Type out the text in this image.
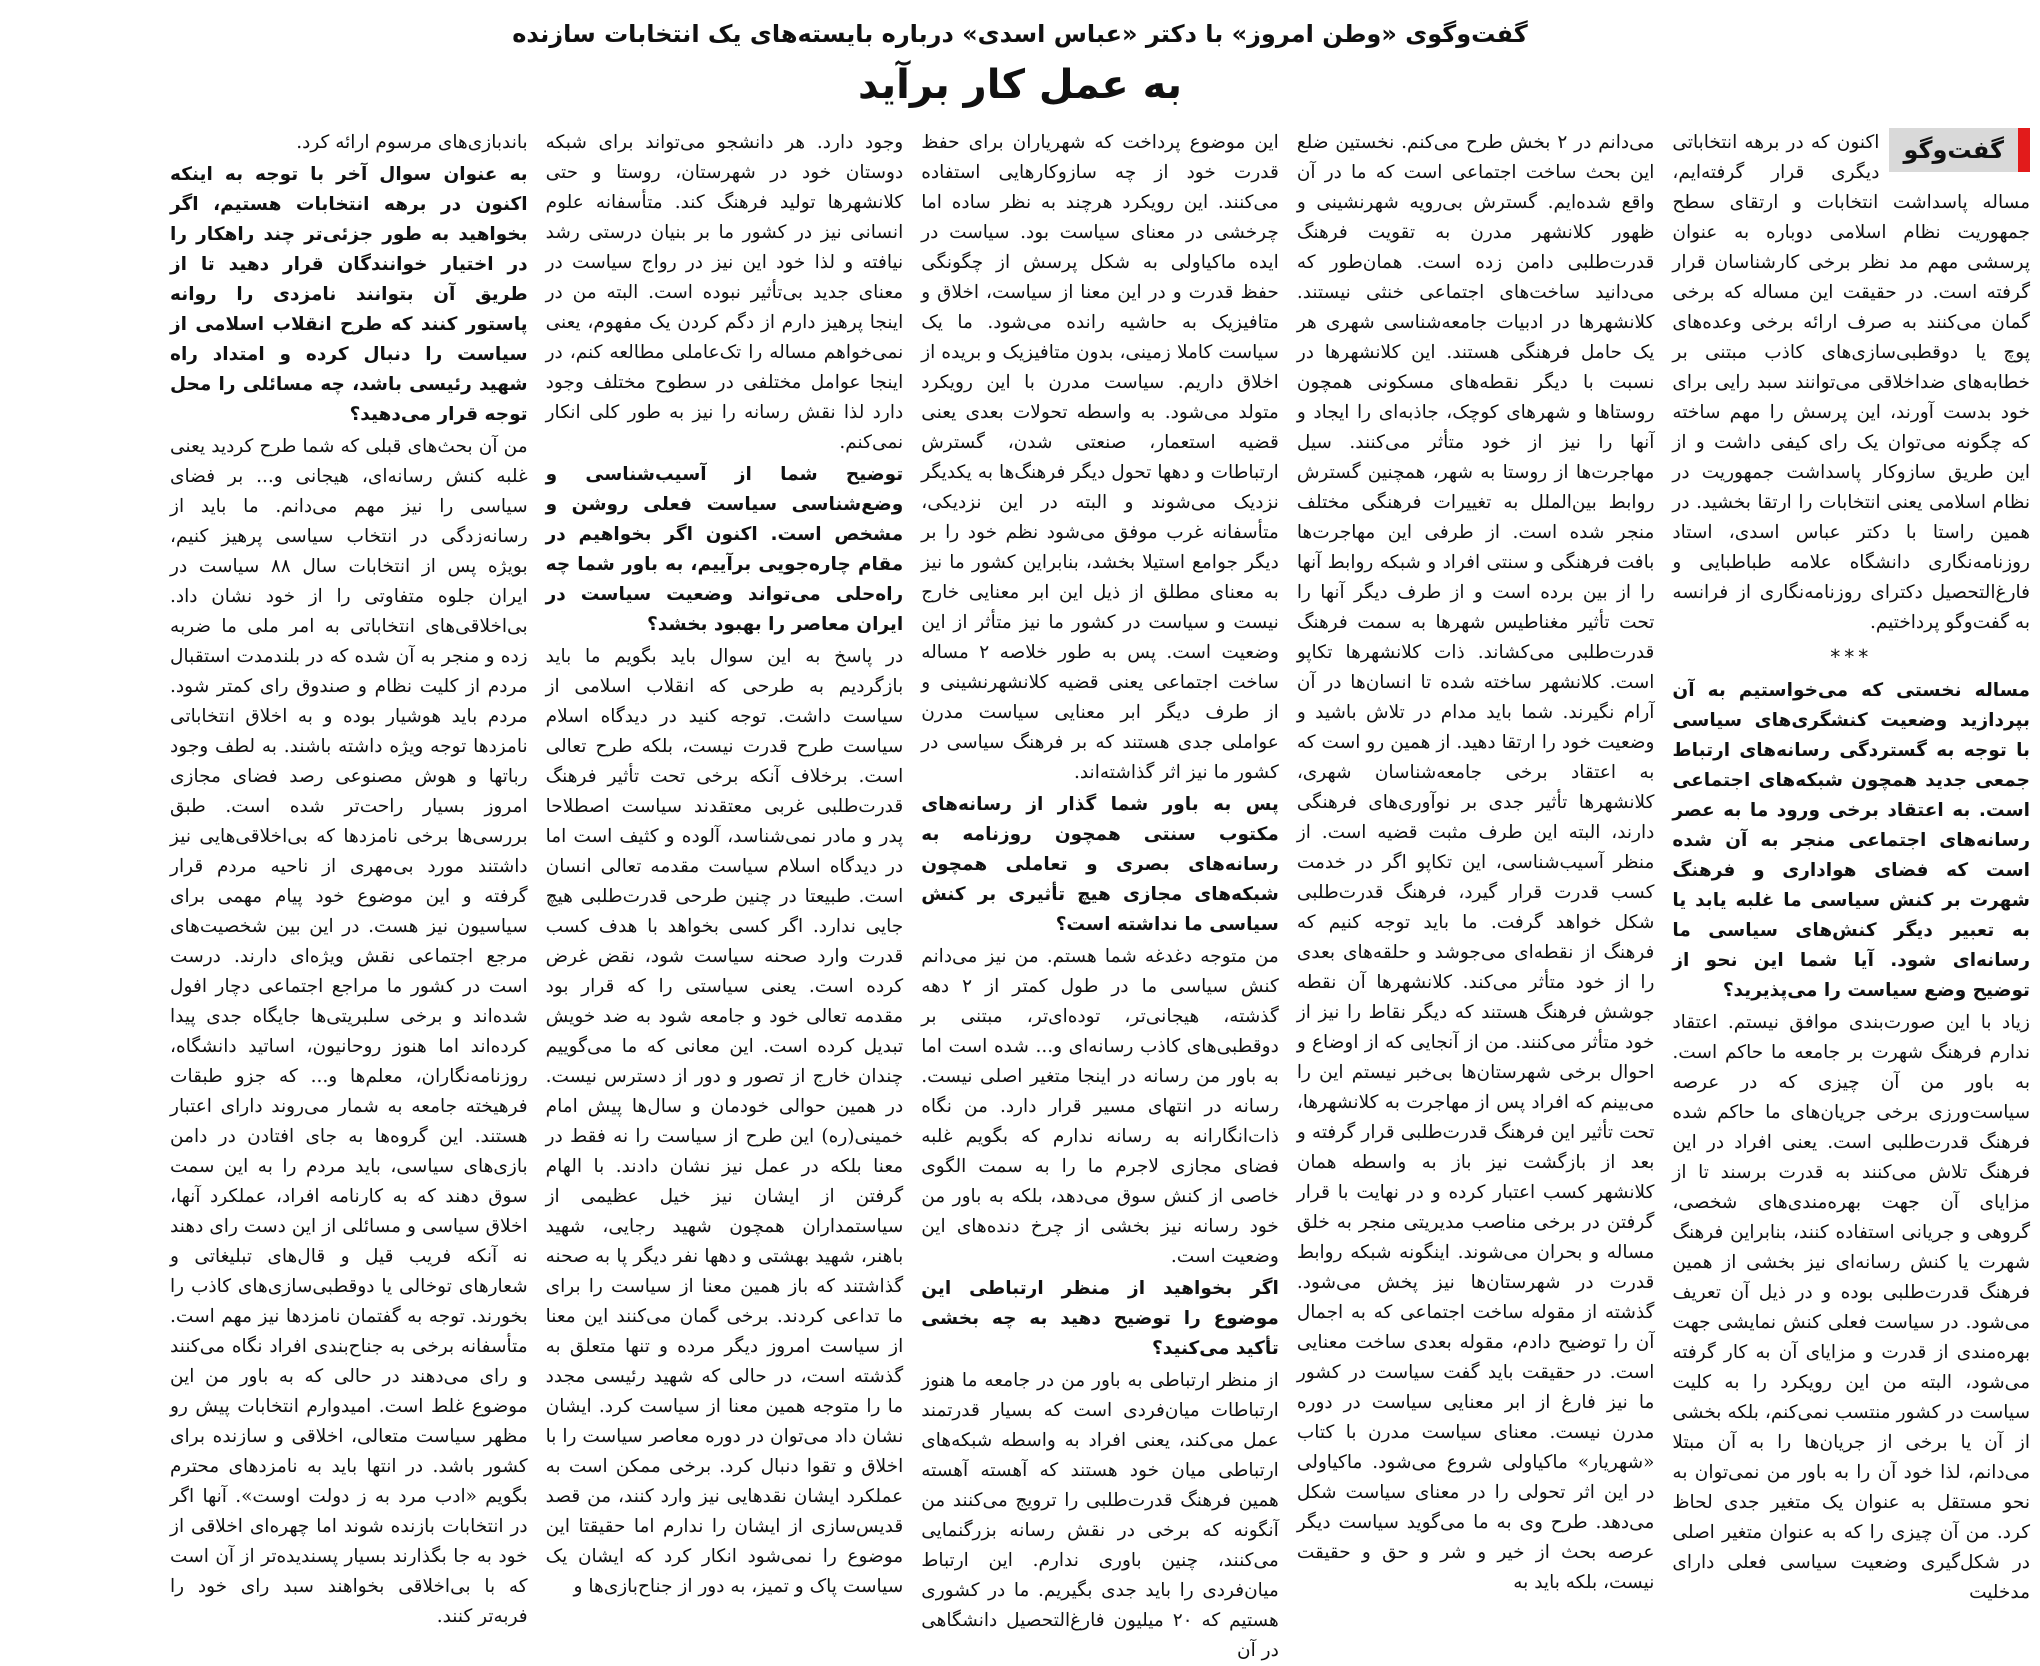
گفت‌وگوی «وطن امروز» با دکتر «عباس اسدی» درباره بایسته‌های یک انتخابات سازنده
به عمل کار برآید
گفت‌وگو

اکنون که در برهه انتخاباتی دیگری قرار گرفته‌ایم، مساله پاسداشت انتخابات و ارتقای سطح جمهوریت نظام اسلامی دوباره به عنوان پرسشی مهم مد نظر برخی کارشناسان قرار گرفته است. در حقیقت این مساله که برخی گمان می‌کنند به صرف ارائه برخی وعده‌های پوچ یا دوقطبی‌سازی‌های کاذب مبتنی بر خطابه‌های ضداخلاقی می‌توانند سبد رایی برای خود بدست آورند، این پرسش را مهم ساخته که چگونه می‌توان یک رای کیفی داشت و از این طریق سازوکار پاسداشت جمهوریت در نظام اسلامی یعنی انتخابات را ارتقا بخشید. در همین راستا با دکتر عباس اسدی، استاد روزنامه‌نگاری دانشگاه علامه طباطبایی و فارغ‌التحصیل دکترای روزنامه‌نگاری از فرانسه به گفت‌وگو پرداختیم.

***

مساله نخستی که می‌خواستیم به آن بپردازید وضعیت کنشگری‌های سیاسی با توجه به گستردگی رسانه‌های ارتباط جمعی جدید همچون شبکه‌های اجتماعی است. به اعتقاد برخی ورود ما به عصر رسانه‌های اجتماعی منجر به آن شده است که فضای هواداری و فرهنگ شهرت بر کنش سیاسی ما غلبه یابد یا به تعبیر دیگر کنش‌های سیاسی ما رسانه‌ای شود. آیا شما این نحو از توضیح وضع سیاست را می‌پذیرید؟

زیاد با این صورت‌بندی موافق نیستم. اعتقاد ندارم فرهنگ شهرت بر جامعه ما حاکم است. به باور من آن چیزی که در عرصه سیاست‌ورزی برخی جریان‌های ما حاکم شده فرهنگ قدرت‌طلبی است. یعنی افراد در این فرهنگ تلاش می‌کنند به قدرت برسند تا از مزایای آن جهت بهره‌مندی‌های شخصی، گروهی و جریانی استفاده کنند، بنابراین فرهنگ شهرت یا کنش رسانه‌ای نیز بخشی از همین فرهنگ قدرت‌طلبی بوده و در ذیل آن تعریف می‌شود. در سیاست فعلی کنش نمایشی جهت بهره‌مندی از قدرت و مزایای آن به کار گرفته می‌شود، البته من این رویکرد را به کلیت سیاست در کشور منتسب نمی‌کنم، بلکه بخشی از آن یا برخی از جریان‌ها را به آن مبتلا می‌دانم، لذا خود آن را به باور من نمی‌توان به نحو مستقل به عنوان یک متغیر جدی لحاظ کرد. من آن چیزی را که به عنوان متغیر اصلی در شکل‌گیری وضعیت سیاسی فعلی دارای مدخلیت

می‌دانم در ۲ بخش طرح می‌کنم. نخستین ضلع این بحث ساخت اجتماعی است که ما در آن واقع شده‌ایم. گسترش بی‌رویه شهرنشینی و ظهور کلانشهر مدرن به تقویت فرهنگ قدرت‌طلبی دامن زده است. همان‌طور که می‌دانید ساخت‌های اجتماعی خنثی نیستند. کلانشهرها در ادبیات جامعه‌شناسی شهری هر یک حامل فرهنگی هستند. این کلانشهرها در نسبت با دیگر نقطه‌های مسکونی همچون روستاها و شهرهای کوچک، جاذبه‌ای را ایجاد و آنها را نیز از خود متأثر می‌کنند. سیل مهاجرت‌ها از روستا به شهر، همچنین گسترش روابط بین‌الملل به تغییرات فرهنگی مختلف منجر شده است. از طرفی این مهاجرت‌ها بافت فرهنگی و سنتی افراد و شبکه روابط آنها را از بین برده است و از طرف دیگر آنها را تحت تأثیر مغناطیس شهرها به سمت فرهنگ قدرت‌طلبی می‌کشاند. ذات کلانشهرها تکاپو است. کلانشهر ساخته شده تا انسان‌ها در آن آرام نگیرند. شما باید مدام در تلاش باشید و وضعیت خود را ارتقا دهید. از همین رو است که به اعتقاد برخی جامعه‌شناسان شهری، کلانشهرها تأثیر جدی بر نوآوری‌های فرهنگی دارند، البته این طرف مثبت قضیه است. از منظر آسیب‌شناسی، این تکاپو اگر در خدمت کسب قدرت قرار گیرد، فرهنگ قدرت‌طلبی شکل خواهد گرفت. ما باید توجه کنیم که فرهنگ از نقطه‌ای می‌جوشد و حلقه‌های بعدی را از خود متأثر می‌کند. کلانشهرها آن نقطه جوشش فرهنگ هستند که دیگر نقاط را نیز از خود متأثر می‌کنند. من از آنجایی که از اوضاع و احوال برخی شهرستان‌ها بی‌خبر نیستم این را می‌بینم که افراد پس از مهاجرت به کلانشهرها، تحت تأثیر این فرهنگ قدرت‌طلبی قرار گرفته و بعد از بازگشت نیز باز به واسطه همان کلانشهر کسب اعتبار کرده و در نهایت با قرار گرفتن در برخی مناصب مدیریتی منجر به خلق مساله و بحران می‌شوند. اینگونه شبکه روابط قدرت در شهرستان‌ها نیز پخش می‌شود. گذشته از مقوله ساخت اجتماعی که به اجمال آن را توضیح دادم، مقوله بعدی ساخت معنایی است. در حقیقت باید گفت سیاست در کشور ما نیز فارغ از ابر معنایی سیاست در دوره مدرن نیست. معنای سیاست مدرن با کتاب «شهریار» ماکیاولی شروع می‌شود. ماکیاولی در این اثر تحولی را در معنای سیاست شکل می‌دهد. طرح وی به ما می‌گوید سیاست دیگر عرصه بحث از خیر و شر و حق و حقیقت نیست، بلکه باید به

این موضوع پرداخت که شهریاران برای حفظ قدرت خود از چه سازوکارهایی استفاده می‌کنند. این رویکرد هرچند به نظر ساده اما چرخشی در معنای سیاست بود. سیاست در ایده ماکیاولی به شکل پرسش از چگونگی حفظ قدرت و در این معنا از سیاست، اخلاق و متافیزیک به حاشیه رانده می‌شود. ما یک سیاست کاملا زمینی، بدون متافیزیک و بریده از اخلاق داریم. سیاست مدرن با این رویکرد متولد می‌شود. به واسطه تحولات بعدی یعنی قضیه استعمار، صنعتی شدن، گسترش ارتباطات و دهها تحول دیگر فرهنگ‌ها به یکدیگر نزدیک می‌شوند و البته در این نزدیکی، متأسفانه غرب موفق می‌شود نظم خود را بر دیگر جوامع استیلا بخشد، بنابراین کشور ما نیز به معنای مطلق از ذیل این ابر معنایی خارج نیست و سیاست در کشور ما نیز متأثر از این وضعیت است. پس به طور خلاصه ۲ مساله ساخت اجتماعی یعنی قضیه کلانشهرنشینی و از طرف دیگر ابر معنایی سیاست مدرن عواملی جدی هستند که بر فرهنگ سیاسی در کشور ما نیز اثر گذاشته‌اند.

پس به باور شما گذار از رسانه‌های مکتوب سنتی همچون روزنامه به رسانه‌های بصری و تعاملی همچون شبکه‌های مجازی هیچ تأثیری بر کنش سیاسی ما نداشته است؟

من متوجه دغدغه شما هستم. من نیز می‌دانم کنش سیاسی ما در طول کمتر از ۲ دهه گذشته، هیجانی‌تر، توده‌ای‌تر، مبتنی بر دوقطبی‌های کاذب رسانه‌ای و... شده است اما به باور من رسانه در اینجا متغیر اصلی نیست. رسانه در انتهای مسیر قرار دارد. من نگاه ذات‌انگارانه به رسانه ندارم که بگویم غلبه فضای مجازی لاجرم ما را به سمت الگوی خاصی از کنش سوق می‌دهد، بلکه به باور من خود رسانه نیز بخشی از چرخ دنده‌های این وضعیت است.

اگر بخواهید از منظر ارتباطی این موضوع را توضیح دهید به چه بخشی تأکید می‌کنید؟

از منظر ارتباطی به باور من در جامعه ما هنوز ارتباطات میان‌فردی است که بسیار قدرتمند عمل می‌کند، یعنی افراد به واسطه شبکه‌های ارتباطی میان خود هستند که آهسته آهسته همین فرهنگ قدرت‌طلبی را ترویج می‌کنند من آنگونه که برخی در نقش رسانه بزرگنمایی می‌کنند، چنین باوری ندارم. این ارتباط میان‌فردی را باید جدی بگیریم. ما در کشوری هستیم که ۲۰ میلیون فارغ‌التحصیل دانشگاهی در آن

وجود دارد. هر دانشجو می‌تواند برای شبکه دوستان خود در شهرستان، روستا و حتی کلانشهرها تولید فرهنگ کند. متأسفانه علوم انسانی نیز در کشور ما بر بنیان درستی رشد نیافته و لذا خود این نیز در رواج سیاست در معنای جدید بی‌تأثیر نبوده است. البته من در اینجا پرهیز دارم از دگم کردن یک مفهوم، یعنی نمی‌خواهم مساله را تک‌عاملی مطالعه کنم، در اینجا عوامل مختلفی در سطوح مختلف وجود دارد لذا نقش رسانه را نیز به طور کلی انکار نمی‌کنم.

توضیح شما از آسیب‌شناسی و وضع‌شناسی سیاست فعلی روشن و مشخص است. اکنون اگر بخواهیم در مقام چاره‌جویی برآییم، به باور شما چه راه‌حلی می‌تواند وضعیت سیاست در ایران معاصر را بهبود بخشد؟

در پاسخ به این سوال باید بگویم ما باید بازگردیم به طرحی که انقلاب اسلامی از سیاست داشت. توجه کنید در دیدگاه اسلام سیاست طرح قدرت نیست، بلکه طرح تعالی است. برخلاف آنکه برخی تحت تأثیر فرهنگ قدرت‌طلبی غربی معتقدند سیاست اصطلاحا پدر و مادر نمی‌شناسد، آلوده و کثیف است اما در دیدگاه اسلام سیاست مقدمه تعالی انسان است. طبیعتا در چنین طرحی قدرت‌طلبی هیچ جایی ندارد. اگر کسی بخواهد با هدف کسب قدرت وارد صحنه سیاست شود، نقض غرض کرده است. یعنی سیاستی را که قرار بود مقدمه تعالی خود و جامعه شود به ضد خویش تبدیل کرده است. این معانی که ما می‌گوییم چندان خارج از تصور و دور از دسترس نیست. در همین حوالی خودمان و سال‌ها پیش امام خمینی(ره) این طرح از سیاست را نه فقط در معنا بلکه در عمل نیز نشان دادند. با الهام گرفتن از ایشان نیز خیل عظیمی از سیاستمداران همچون شهید رجایی، شهید باهنر، شهید بهشتی و دهها نفر دیگر پا به صحنه گذاشتند که باز همین معنا از سیاست را برای ما تداعی کردند. برخی گمان می‌کنند این معنا از سیاست امروز دیگر مرده و تنها متعلق به گذشته است، در حالی که شهید رئیسی مجدد ما را متوجه همین معنا از سیاست کرد. ایشان نشان داد می‌توان در دوره معاصر سیاست را با اخلاق و تقوا دنبال کرد. برخی ممکن است به عملکرد ایشان نقدهایی نیز وارد کنند، من قصد قدیس‌سازی از ایشان را ندارم اما حقیقتا این موضوع را نمی‌شود انکار کرد که ایشان یک سیاست پاک و تمیز، به دور از جناح‌بازی‌ها و

باندبازی‌های مرسوم ارائه کرد.

به عنوان سوال آخر با توجه به اینکه اکنون در برهه انتخابات هستیم، اگر بخواهید به طور جزئی‌تر چند راهکار را در اختیار خوانندگان قرار دهید تا از طریق آن بتوانند نامزدی را روانه پاستور کنند که طرح انقلاب اسلامی از سیاست را دنبال کرده و امتداد راه شهید رئیسی باشد، چه مسائلی را محل توجه قرار می‌دهید؟

من آن بحث‌های قبلی که شما طرح کردید یعنی غلبه کنش رسانه‌ای، هیجانی و... بر فضای سیاسی را نیز مهم می‌دانم. ما باید از رسانه‌زدگی در انتخاب سیاسی پرهیز کنیم، بویژه پس از انتخابات سال ۸۸ سیاست در ایران جلوه متفاوتی را از خود نشان داد. بی‌اخلاقی‌های انتخاباتی به امر ملی ما ضربه زده و منجر به آن شده که در بلندمدت استقبال مردم از کلیت نظام و صندوق رای کمتر شود. مردم باید هوشیار بوده و به اخلاق انتخاباتی نامزدها توجه ویژه داشته باشند. به لطف وجود رباتها و هوش مصنوعی رصد فضای مجازی امروز بسیار راحت‌تر شده است. طبق بررسی‌ها برخی نامزدها که بی‌اخلاقی‌هایی نیز داشتند مورد بی‌مهری از ناحیه مردم قرار گرفته و این موضوع خود پیام مهمی برای سیاسیون نیز هست. در این بین شخصیت‌های مرجع اجتماعی نقش ویژه‌ای دارند. درست است در کشور ما مراجع اجتماعی دچار افول شده‌اند و برخی سلبریتی‌ها جایگاه جدی پیدا کرده‌اند اما هنوز روحانیون، اساتید دانشگاه، روزنامه‌نگاران، معلم‌ها و... که جزو طبقات فرهیخته جامعه به شمار می‌روند دارای اعتبار هستند. این گروه‌ها به جای افتادن در دامن بازی‌های سیاسی، باید مردم را به این سمت سوق دهند که به کارنامه افراد، عملکرد آنها، اخلاق سیاسی و مسائلی از این دست رای دهند نه آنکه فریب قیل و قال‌های تبلیغاتی و شعارهای توخالی یا دوقطبی‌سازی‌های کاذب را بخورند. توجه به گفتمان نامزدها نیز مهم است. متأسفانه برخی به جناح‌بندی افراد نگاه می‌کنند و رای می‌دهند در حالی که به باور من این موضوع غلط است. امیدوارم انتخابات پیش رو مظهر سیاست متعالی، اخلاقی و سازنده برای کشور باشد. در انتها باید به نامزدهای محترم بگویم «ادب مرد به ز دولت اوست». آنها اگر در انتخابات بازنده شوند اما چهره‌ای اخلاقی از خود به جا بگذارند بسیار پسندیده‌تر از آن است که با بی‌اخلاقی بخواهند سبد رای خود را فربه‌تر کنند.
